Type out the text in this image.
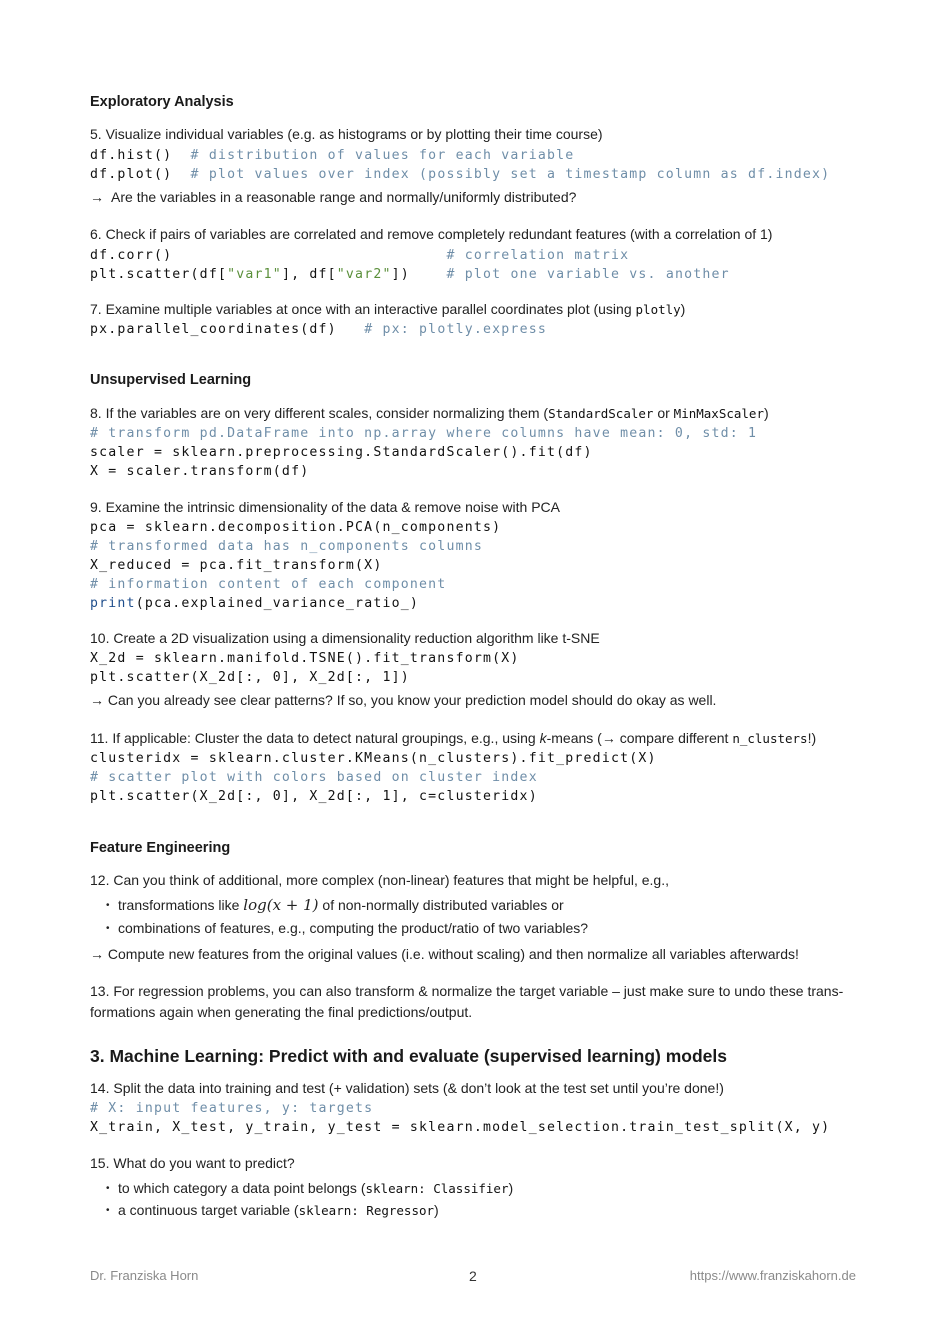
Exploratory Analysis
5. Visualize individual variables (e.g. as histograms or by plotting their time course)
df.hist() # distribution of values for each variable
df.plot() # plot values over index (possibly set a timestamp column as df.index)
→ Are the variables in a reasonable range and normally/uniformly distributed?
6. Check if pairs of variables are correlated and remove completely redundant features (with a correlation of 1)
df.corr()	# correlation matrix
plt.scatter(df["var1"], df["var2"])	# plot one variable vs. another
7. Examine multiple variables at once with an interactive parallel coordinates plot (using plotly)
px.parallel_coordinates(df) # px: plotly.express
Unsupervised Learning
8. If the variables are on very different scales, consider normalizing them (StandardScaler or MinMaxScaler)
# transform pd.DataFrame into np.array where columns have mean: 0, std: 1
scaler = sklearn.preprocessing.StandardScaler().fit(df)
X = scaler.transform(df)
9. Examine the intrinsic dimensionality of the data & remove noise with PCA
pca = sklearn.decomposition.PCA(n_components)
# transformed data has n_components columns
X_reduced = pca.fit_transform(X)
# information content of each component
print(pca.explained_variance_ratio_)
10. Create a 2D visualization using a dimensionality reduction algorithm like t-SNE
X_2d = sklearn.manifold.TSNE().fit_transform(X)
plt.scatter(X_2d[:, 0], X_2d[:, 1])
→ Can you already see clear patterns? If so, you know your prediction model should do okay as well.
11. If applicable: Cluster the data to detect natural groupings, e.g., using k-means (→ compare different n_clusters!)
clusteridx = sklearn.cluster.KMeans(n_clusters).fit_predict(X)
# scatter plot with colors based on cluster index
plt.scatter(X_2d[:, 0], X_2d[:, 1], c=clusteridx)
Feature Engineering
12. Can you think of additional, more complex (non-linear) features that might be helpful, e.g.,
• transformations like log(x + 1) of non-normally distributed variables or
• combinations of features, e.g., computing the product/ratio of two variables?
→ Compute new features from the original values (i.e. without scaling) and then normalize all variables afterwards!
13. For regression problems, you can also transform & normalize the target variable – just make sure to undo these trans-formations again when generating the final predictions/output.
3. Machine Learning: Predict with and evaluate (supervised learning) models
14. Split the data into training and test (+ validation) sets (& don’t look at the test set until you’re done!)
# X: input features, y: targets
X_train, X_test, y_train, y_test = sklearn.model_selection.train_test_split(X, y)
15. What do you want to predict?
• to which category a data point belongs (sklearn: Classifier)
• a continuous target variable (sklearn: Regressor)
Dr. Franziska Horn	2	https://www.franziskahorn.de
